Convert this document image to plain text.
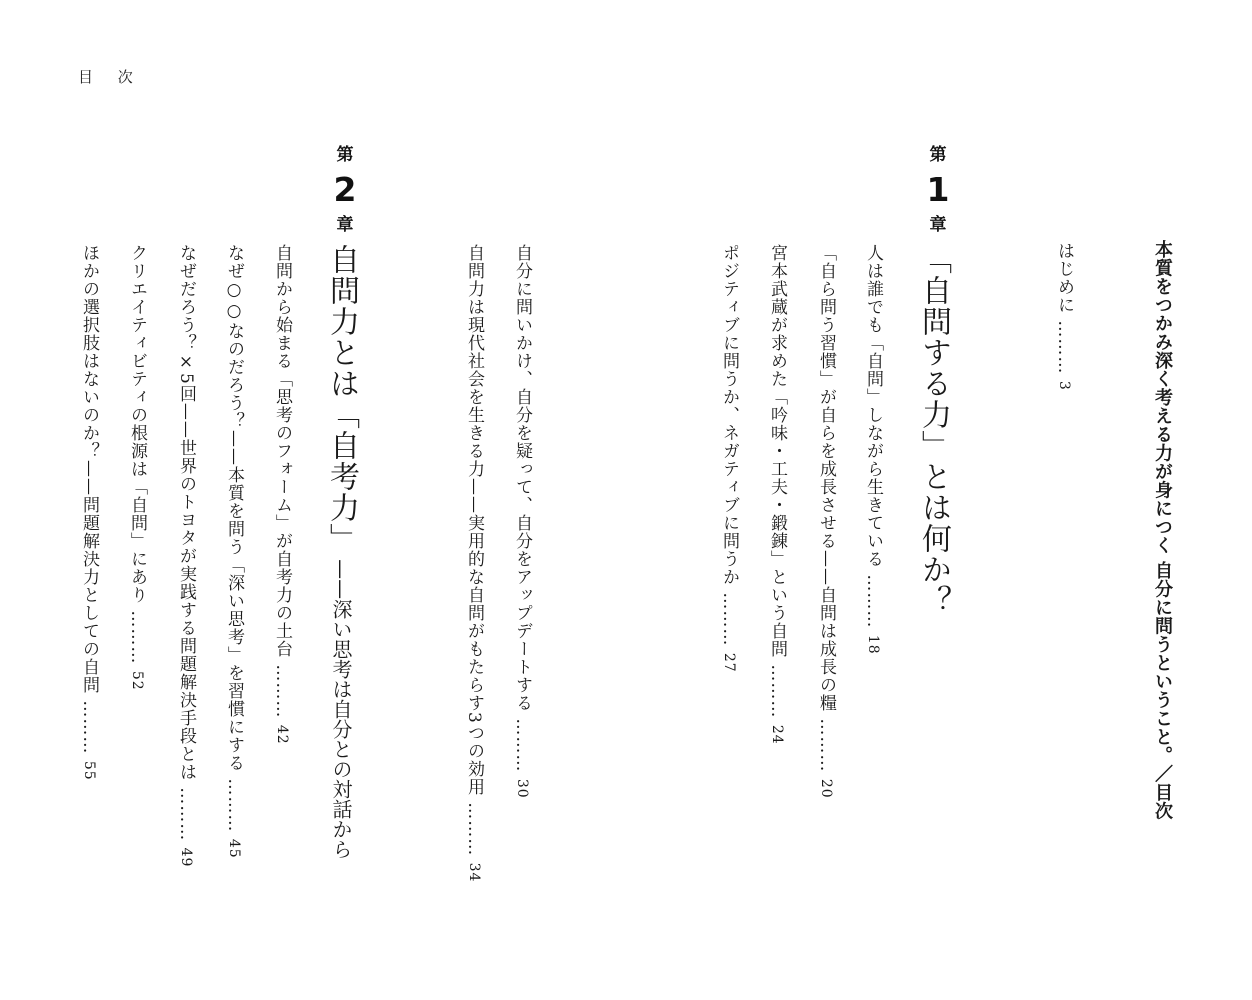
目 次
本質をつかみ深く考える力が身につく 自分に問うということ。／目次
はじめに ……… 3
第
1
章
「自問する力」とは何か？
人は誰でも「自問」しながら生きている ……… 18
「自ら問う習慣」が自らを成長させる——自問は成長の糧 ……… 20
宮本武蔵が求めた「吟味・工夫・鍛錬」という自問 ……… 24
ポジティブに問うか、ネガティブに問うか ……… 27
自分に問いかけ、自分を疑って、自分をアップデートする ……… 30
自問力は現代社会を生きる力——実用的な自問がもたらす3つの効用 ……… 34
第
2
章
自問力とは「自考力」 ——深い思考は自分との対話から
自問から始まる「思考のフォーム」が自考力の土台 ……… 42
なぜ○○なのだろう？——本質を問う「深い思考」を習慣にする ……… 45
なぜだろう？×5回——世界のトヨタが実践する問題解決手段とは ……… 49
クリエイティビティの根源は「自問」にあり ……… 52
ほかの選択肢はないのか？——問題解決力としての自問 ……… 55
